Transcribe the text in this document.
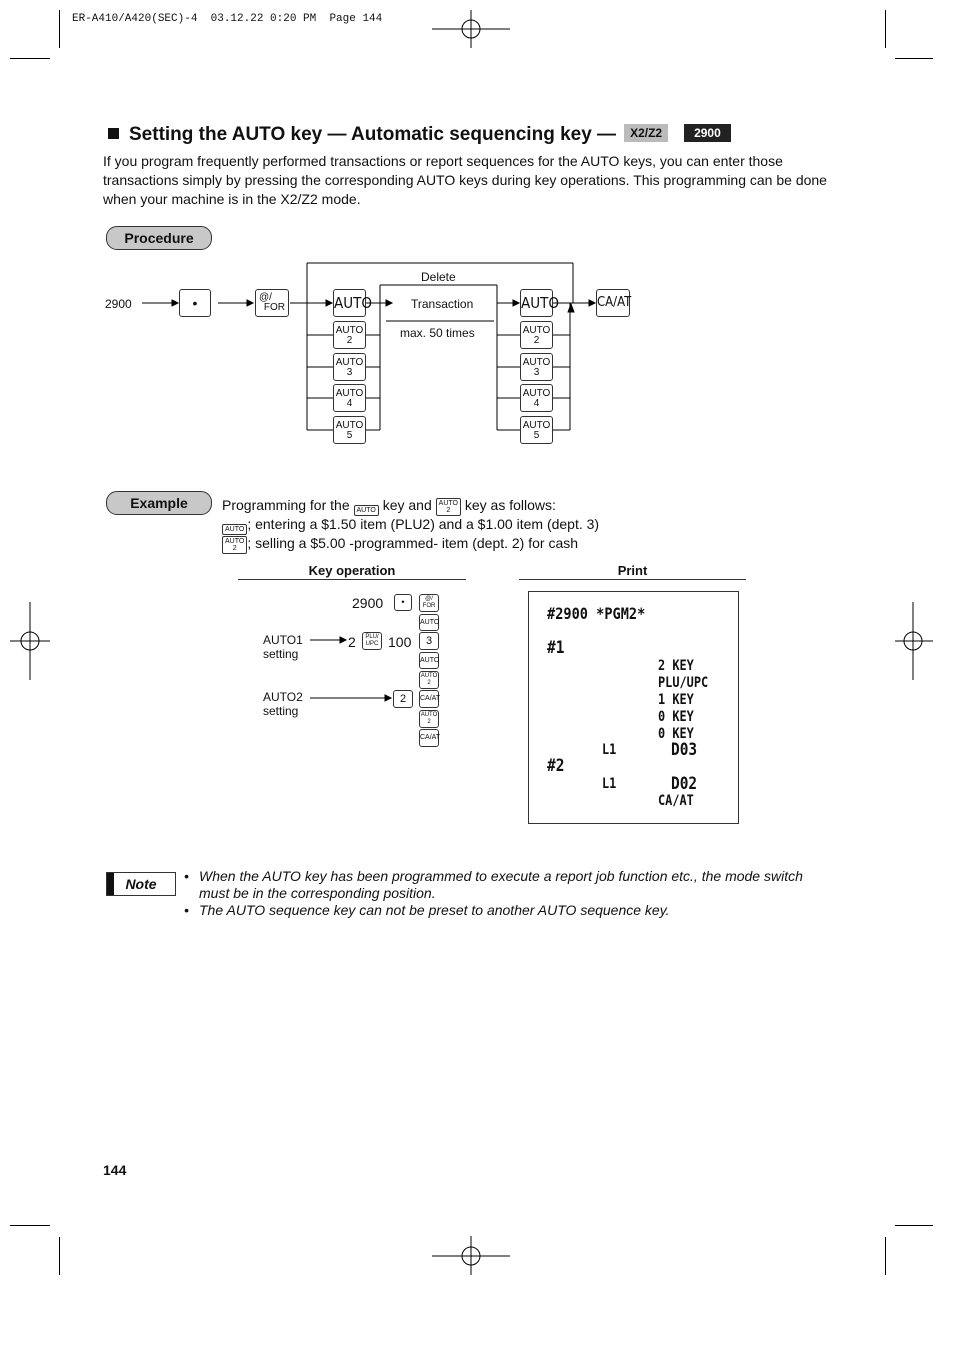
ER-A410/A420(SEC)-4  03.12.22 0:20 PM  Page 144
Setting the AUTO key — Automatic sequencing key — X2/Z2	2900
If you program frequently performed transactions or report sequences for the AUTO keys, you can enter those transactions simply by pressing the corresponding AUTO keys during key operations. This programming can be done when your machine is in the X2/Z2 mode.
Procedure
2900	•	@/
FOR	AUTO
Delete
Transaction
max. 50 times
AUTO	CA/AT
AUTO
2
AUTO
3
AUTO
4
AUTO
5
AUTO
2
AUTO
3
AUTO
4
AUTO
5
Example	Programming for the AUTO key and AUTO
2 key as follows:
AUTO ; entering a $1.50 item (PLU2) and a $1.00 item (dept. 3)
AUTO
2 ; selling a $5.00 -programmed- item (dept. 2) for cash
Key operation	Print
2900	•	@/
FOR
AUTO
AUTO1
setting
2	PLU/
UPC 100	3
AUTO
AUTO
2
AUTO2
setting
2	CA/AT
AUTO
2
CA/AT
#2900 *PGM2*
#1
2 KEY
PLU/UPC
1 KEY
0 KEY
0 KEY
L1	D03
#2
L1	D02
CA/AT
Note
•	When the AUTO key has been programmed to execute a report job function etc., the mode switch must be in the corresponding position.
• The AUTO sequence key can not be preset to another AUTO sequence key.
144
